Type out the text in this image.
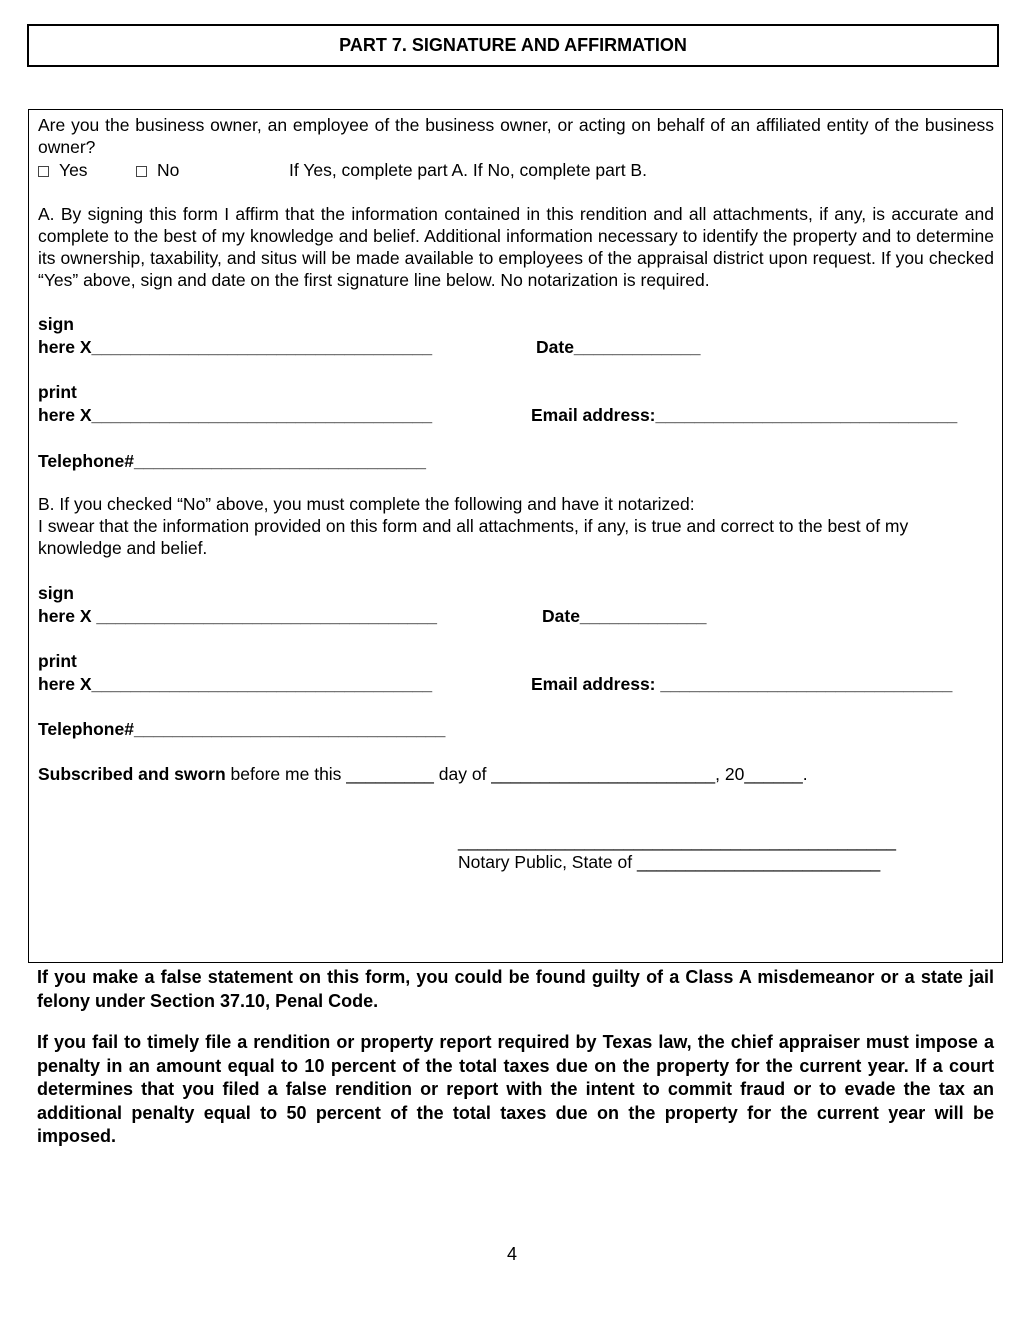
PART 7. SIGNATURE AND AFFIRMATION
Are you the business owner, an employee of the business owner, or acting on behalf of an affiliated entity of the business owner?
Yes	No	If Yes, complete part A. If No, complete part B.
A. By signing this form I affirm that the information contained in this rendition and all attachments, if any, is accurate and complete to the best of my knowledge and belief. Additional information necessary to identify the property and to determine its ownership, taxability, and situs will be made available to employees of the appraisal district upon request. If you checked “Yes” above, sign and date on the first signature line below. No notarization is required.
sign
here X___________________________________	Date_____________
print
here X___________________________________	Email address:_______________________________
Telephone#______________________________
B. If you checked “No” above, you must complete the following and have it notarized:
I swear that the information provided on this form and all attachments, if any, is true and correct to the best of my knowledge and belief.
sign
here X ___________________________________	Date_____________
print
here X___________________________________	Email address: ______________________________
Telephone#________________________________
Subscribed and sworn before me this _________ day of _______________________, 20______.
_____________________________________________
Notary Public, State of _________________________
If you make a false statement on this form, you could be found guilty of a Class A misdemeanor or a state jail felony under Section 37.10, Penal Code.
If you fail to timely file a rendition or property report required by Texas law, the chief appraiser must impose a penalty in an amount equal to 10 percent of the total taxes due on the property for the current year. If a court determines that you filed a false rendition or report with the intent to commit fraud or to evade the tax an additional penalty equal to 50 percent of the total taxes due on the property for the current year will be imposed.
4
